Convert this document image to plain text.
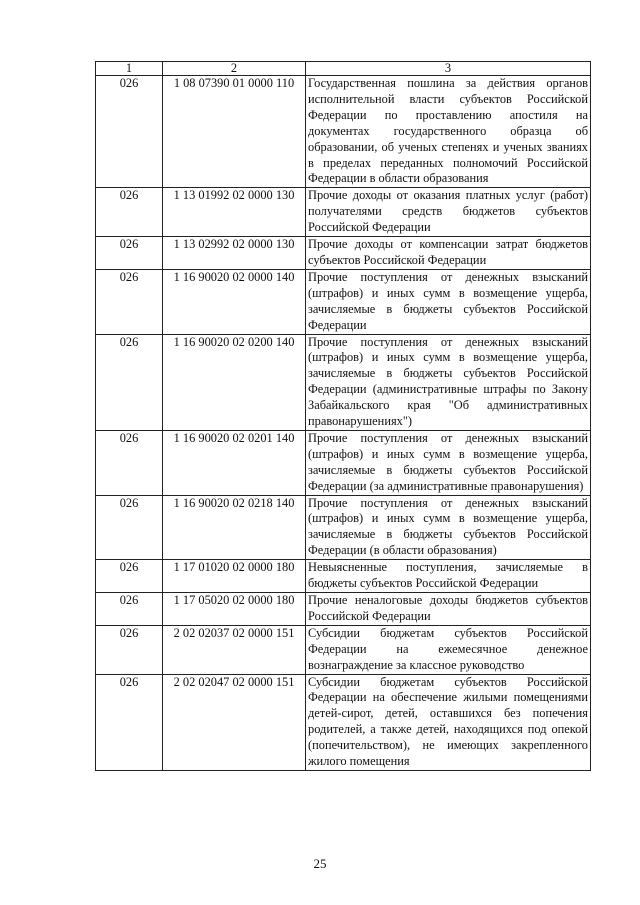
1	2	3
026	1 08 07390 01 0000 110	Государственная пошлина за действия органов исполнительной власти субъектов Российской Федерации по проставлению апостиля на документах государственного образца об образовании, об ученых степенях и ученых званиях в пределах переданных полномочий Российской Федерации в области образования
026	1 13 01992 02 0000 130	Прочие доходы от оказания платных услуг (работ) получателями средств бюджетов субъектов Российской Федерации
026	1 13 02992 02 0000 130	Прочие доходы от компенсации затрат бюджетов субъектов Российской Федерации
026	1 16 90020 02 0000 140	Прочие поступления от денежных взысканий (штрафов) и иных сумм в возмещение ущерба, зачисляемые в бюджеты субъектов Российской Федерации
026	1 16 90020 02 0200 140	Прочие поступления от денежных взысканий (штрафов) и иных сумм в возмещение ущерба, зачисляемые в бюджеты субъектов Российской Федерации (административные штрафы по Закону Забайкальского края "Об административных правонарушениях")
026	1 16 90020 02 0201 140	Прочие поступления от денежных взысканий (штрафов) и иных сумм в возмещение ущерба, зачисляемые в бюджеты субъектов Российской Федерации (за административные правонарушения)
026	1 16 90020 02 0218 140	Прочие поступления от денежных взысканий (штрафов) и иных сумм в возмещение ущерба, зачисляемые в бюджеты субъектов Российской Федерации (в области образования)
026	1 17 01020 02 0000 180	Невыясненные поступления, зачисляемые в бюджеты субъектов Российской Федерации
026	1 17 05020 02 0000 180	Прочие неналоговые доходы бюджетов субъектов Российской Федерации
026	2 02 02037 02 0000 151	Субсидии бюджетам субъектов Российской Федерации на ежемесячное денежное вознаграждение за классное руководство
026	2 02 02047 02 0000 151	Субсидии бюджетам субъектов Российской Федерации на обеспечение жилыми помещениями детей-сирот, детей, оставшихся без попечения родителей, а также детей, находящихся под опекой (попечительством), не имеющих закрепленного жилого помещения
25
